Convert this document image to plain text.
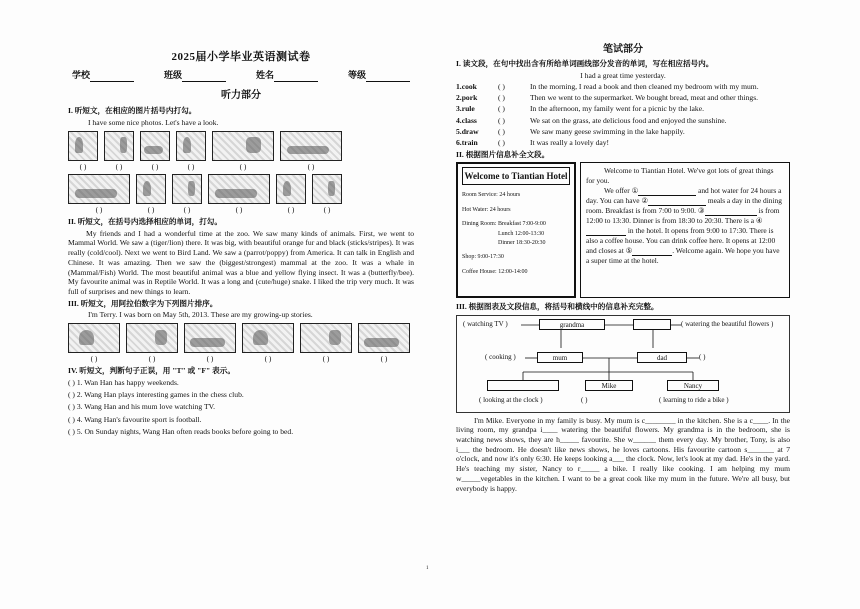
2025届小学毕业英语测试卷
学校	班级	姓名	等级
听力部分
I. 听短文，在相应的图片括号内打勾。
I have some nice photos. Let's have a look.
( )	( )	( )	( )	( )	( )
( )	( )	( )	( )	( )	( )
II. 听短文，在括号内选择相应的单词，打勾。
My friends and I had a wonderful time at the zoo. We saw many kinds of animals. First, we went to Mammal World. We saw a (tiger/lion) there. It was big, with beautiful orange fur and black (sticks/stripes). It was really (cold/cool). Next we went to Bird Land. We saw a (parrot/poppy) from America. It can talk in English and Chinese. It was amazing. Then we saw the (biggest/strongest) mammal at the zoo. It was a whale in (Mammal/Fish) World. The most beautiful animal was a blue and yellow flying insect. It was a (butterfly/bee). My favourite animal was in Reptile World. It was a long and (cute/huge) snake. I liked the trip very much. It was full of surprises and new things to learn.
III. 听短文，用阿拉伯数字为下列图片排序。
I'm Terry. I was born on May 5th, 2013. These are my growing-up stories.
( )	( )	( )	( )	( )	( )
IV. 听短文，判断句子正误，用 "T" 或 "F" 表示。
( ) 1. Wan Han has happy weekends.
( ) 2. Wang Han plays interesting games in the chess club.
( ) 3. Wang Han and his mum love watching TV.
( ) 4. Wang Han's favourite sport is football.
( ) 5. On Sunday nights, Wang Han often reads books before going to bed.
笔试部分
I. 读文段，在句中找出含有所给单词画线部分发音的单词，写在相应括号内。
I had a great time yesterday.
1.cook	( )	In the morning, I read a book and then cleaned my bedroom with my mum.
2.pork	( )	Then we went to the supermarket. We bought bread, meat and other things.
3.rule	( )	In the afternoon, my family went for a picnic by the lake.
4.class	( )	We sat on the grass, ate delicious food and enjoyed the sunshine.
5.draw	( )	We saw many geese swimming in the lake happily.
6.train	( )	It was really a lovely day!
II. 根据图片信息补全文段。
Welcome to Tiantian Hotel
Room Service: 24 hours
Hot Water: 24 hours
Dining Room: Breakfast 7:00-9:00
Lunch 12:00-13:30
Dinner 18:30-20:30
Shop: 9:00-17:30
Coffee House: 12:00-14:00
Welcome to Tiantian Hotel. We've got lots of great things for you.
We offer ①	and hot water for 24 hours a day. You can have ②	meals a day in the dining room. Breakfast is from 7:00 to 9:00. ③	is from 12:00 to 13:30. Dinner is from 18:30 to 20:30. There is a ④ in the hotel. It opens from 9:00 to 17:30. There is also a coffee house. You can drink coffee here. It opens at 12:00 and closes at ⑤	. Welcome again. We hope you have a super time at the hotel.
III. 根据图表及文段信息，将括号和横线中的信息补充完整。
( watching TV )	grandma	( watering the beautiful flowers )
( cooking )	mum	dad	( )
Mike	Nancy
( looking at the clock )	( )	( learning to ride a bike )
I'm Mike. Everyone in my family is busy. My mum is c________ in the kitchen. She is a c____. In the living room, my grandpa i____ watering the beautiful flowers. My grandma is in the bedroom, she is watching news shows, they are h_____ favourite. She w______ them every day. My brother, Tony, is also i___ the bedroom. He doesn't like news shows, he loves cartoons. His favourite cartoon s_______ at 7 o'clock, and now it's only 6:30. He keeps looking a___ the clock. Now, let's look at my dad. He's in the yard. He's teaching my sister, Nancy to r_____ a bike. I really like cooking. I am helping my mum w_____vegetables in the kitchen. I want to be a great cook like my mum in the future. We're all busy, but everybody is happy.
1
